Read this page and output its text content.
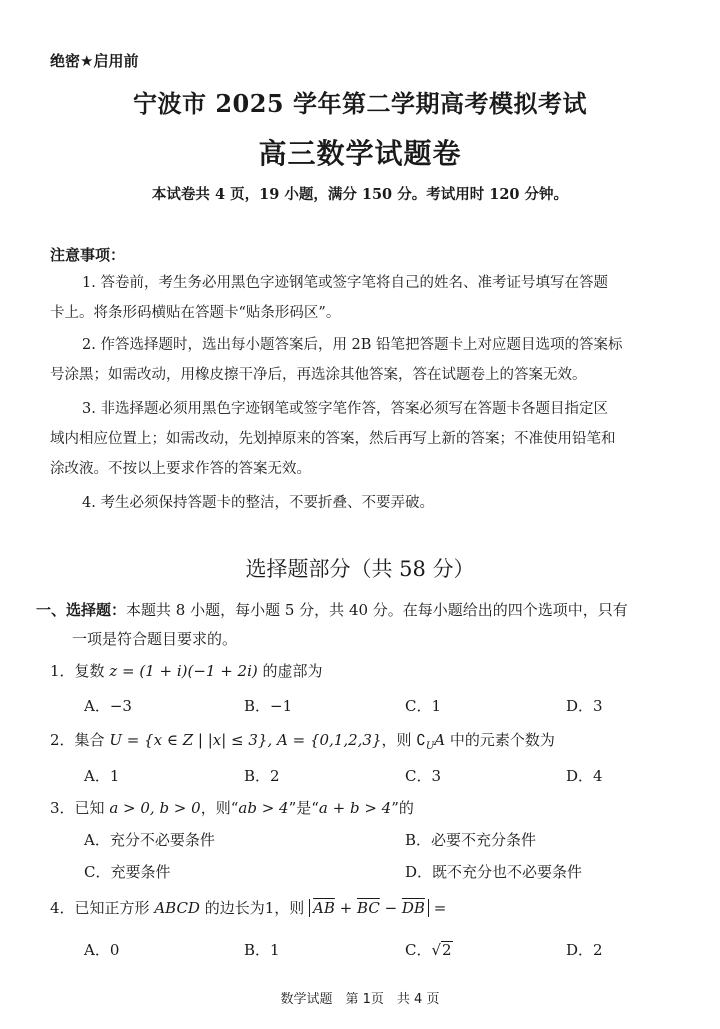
绝密★启用前
宁波市 2025 学年第二学期高考模拟考试
高三数学试题卷
本试卷共 4 页，19 小题，满分 150 分。考试用时 120 分钟。
注意事项：
1. 答卷前，考生务必用黑色字迹钢笔或签字笔将自己的姓名、准考证号填写在答题
卡上。将条形码横贴在答题卡“贴条形码区”。
2. 作答选择题时，选出每小题答案后，用 2B 铅笔把答题卡上对应题目选项的答案标
号涂黑；如需改动，用橡皮擦干净后，再选涂其他答案，答在试题卷上的答案无效。
3. 非选择题必须用黑色字迹钢笔或签字笔作答，答案必须写在答题卡各题目指定区
域内相应位置上；如需改动，先划掉原来的答案，然后再写上新的答案；不准使用铅笔和
涂改液。不按以上要求作答的答案无效。
4. 考生必须保持答题卡的整洁，不要折叠、不要弄破。
选择题部分（共 58 分）
一、选择题：本题共 8 小题，每小题 5 分，共 40 分。在每小题给出的四个选项中，只有
一项是符合题目要求的。
1．复数 z = (1 + i)(−1 + 2i) 的虚部为
A．−3	B．−1	C．1	D．3
2．集合 U = {x ∈ Z | |x| ≤ 3}, A = {0,1,2,3}，则 $∁_UA$ 中的元素个数为
A．1	B．2	C．3	D．4
3．已知 a > 0, b > 0，则“ab > 4”是“a + b > 4”的
A．充分不必要条件	B．必要不充分条件
C．充要条件	D．既不充分也不必要条件
4．已知正方形 ABCD 的边长为1，则 $\overline{AB} + \overline{BC} - \overline{DB}$ =
A．0	B．1	C．√2	D．2
数学试题　第 1页　共 4 页
